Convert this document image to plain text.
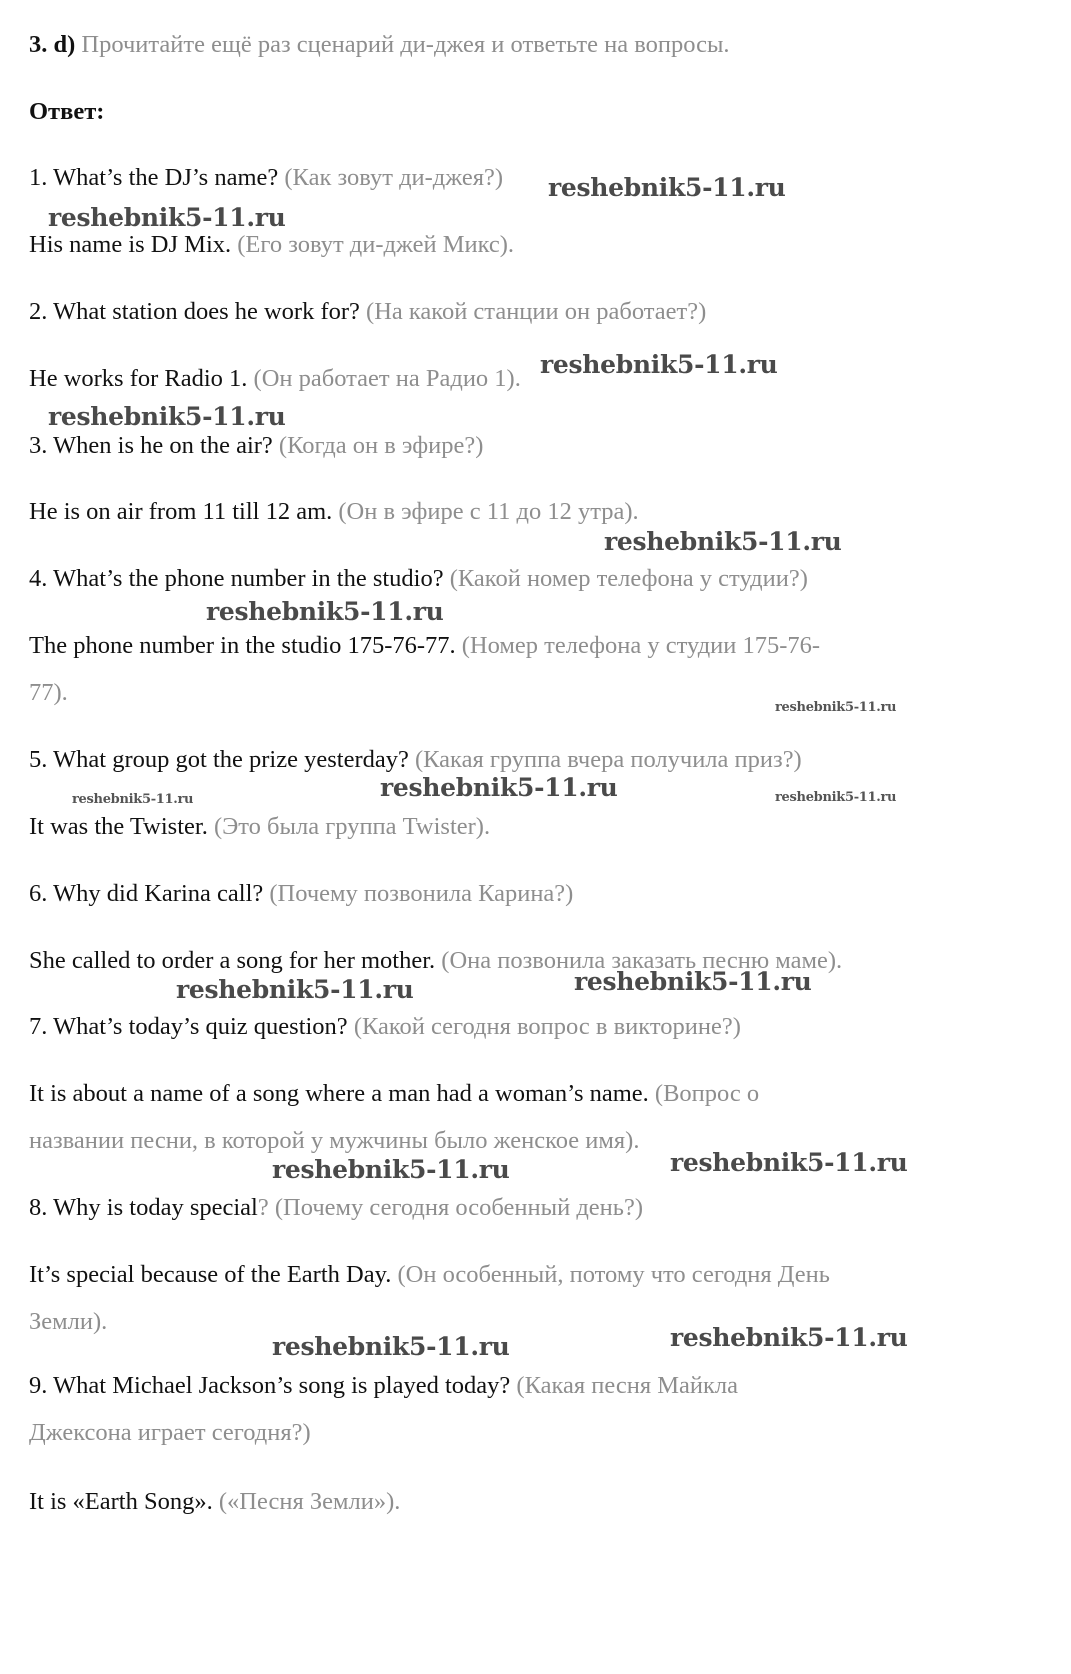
3. d) Прочитайте ещё раз сценарий ди-джея и ответьте на вопросы.
Ответ:
1. What’s the DJ’s name? (Как зовут ди-джея?)
His name is DJ Mix. (Его зовут ди-джей Микс).
2. What station does he work for? (На какой станции он работает?)
He works for Radio 1. (Он работает на Радио 1).
3. When is he on the air? (Когда он в эфире?)
He is on air from 11 till 12 am. (Он в эфире с 11 до 12 утра).
4. What’s the phone number in the studio? (Какой номер телефона у студии?)
The phone number in the studio 175-76-77. (Номер телефона у студии 175-76-
77).
5. What group got the prize yesterday? (Какая группа вчера получила приз?)
It was the Twister. (Это была группа Twister).
6. Why did Karina call? (Почему позвонила Карина?)
She called to order a song for her mother. (Она позвонила заказать песню маме).
7. What’s today’s quiz question? (Какой сегодня вопрос в викторине?)
It is about a name of a song where a man had a woman’s name. (Вопрос о
названии песни, в которой у мужчины было женское имя).
8. Why is today special? (Почему сегодня особенный день?)
It’s special because of the Earth Day. (Он особенный, потому что сегодня День
Земли).
9. What Michael Jackson’s song is played today? (Какая песня Майкла
Джексона играет сегодня?)
It is «Earth Song». («Песня Земли»).
reshebnik5-11.ru
reshebnik5-11.ru
reshebnik5-11.ru
reshebnik5-11.ru
reshebnik5-11.ru
reshebnik5-11.ru
reshebnik5-11.ru
reshebnik5-11.ru
reshebnik5-11.ru	reshebnik5-11.ru
reshebnik5-11.ru	reshebnik5-11.ru
reshebnik5-11.ru	reshebnik5-11.ru
reshebnik5-11.ru	reshebnik5-11.ru
